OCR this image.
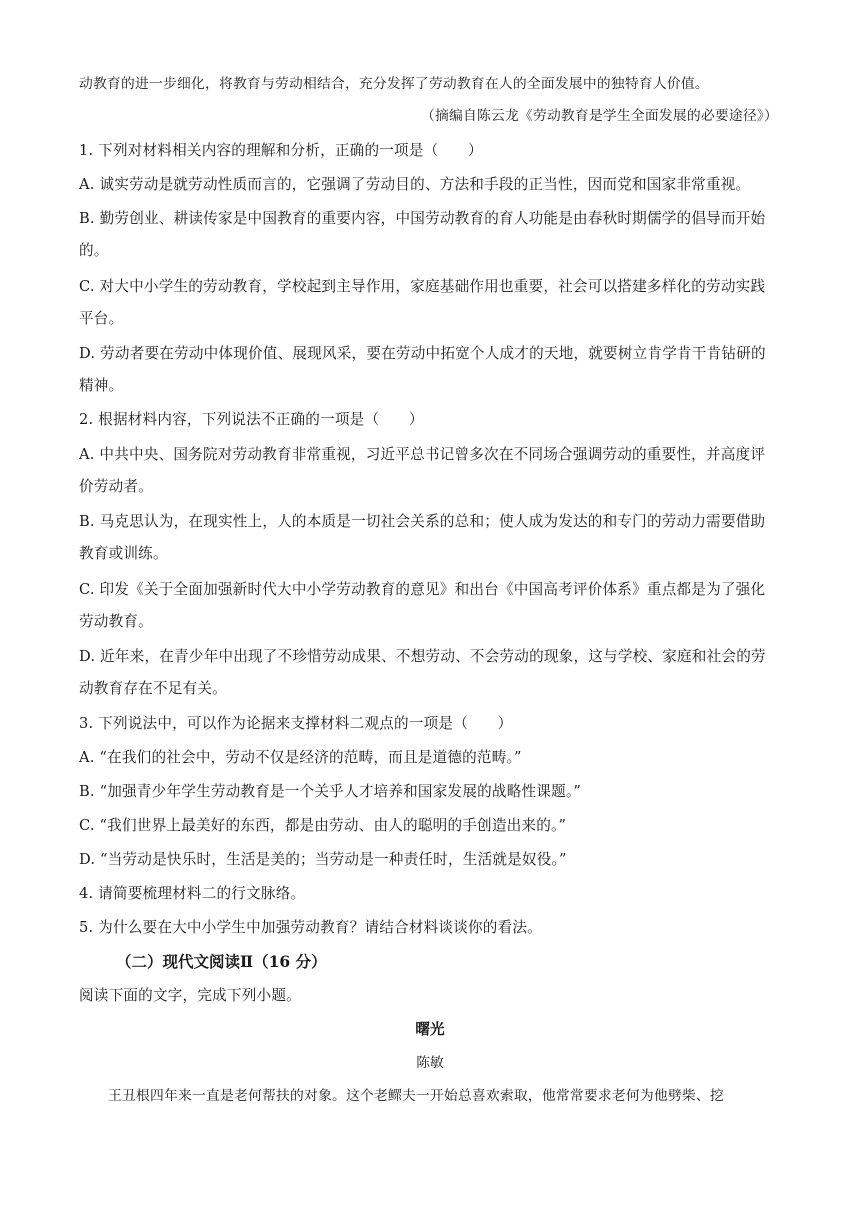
动教育的进一步细化，将教育与劳动相结合，充分发挥了劳动教育在人的全面发展中的独特育人价值。
（摘编自陈云龙《劳动教育是学生全面发展的必要途径》）
1. 下列对材料相关内容的理解和分析，正确的一项是（　　）
A. 诚实劳动是就劳动性质而言的，它强调了劳动目的、方法和手段的正当性，因而党和国家非常重视。
B. 勤劳创业、耕读传家是中国教育的重要内容，中国劳动教育的育人功能是由春秋时期儒学的倡导而开始
的。
C. 对大中小学生的劳动教育，学校起到主导作用，家庭基础作用也重要，社会可以搭建多样化的劳动实践
平台。
D. 劳动者要在劳动中体现价值、展现风采，要在劳动中拓宽个人成才的天地，就要树立肯学肯干肯钻研的
精神。
2. 根据材料内容，下列说法不正确的一项是（　　）
A. 中共中央、国务院对劳动教育非常重视，习近平总书记曾多次在不同场合强调劳动的重要性，并高度评
价劳动者。
B. 马克思认为，在现实性上，人的本质是一切社会关系的总和；使人成为发达的和专门的劳动力需要借助
教育或训练。
C. 印发《关于全面加强新时代大中小学劳动教育的意见》和出台《中国高考评价体系》重点都是为了强化
劳动教育。
D. 近年来，在青少年中出现了不珍惜劳动成果、不想劳动、不会劳动的现象，这与学校、家庭和社会的劳
动教育存在不足有关。
3. 下列说法中，可以作为论据来支撑材料二观点的一项是（　　）
A. “在我们的社会中，劳动不仅是经济的范畴，而且是道德的范畴。”
B. “加强青少年学生劳动教育是一个关乎人才培养和国家发展的战略性课题。”
C. “我们世界上最美好的东西，都是由劳动、由人的聪明的手创造出来的。”
D. “当劳动是快乐时，生活是美的；当劳动是一种责任时，生活就是奴役。”
4. 请简要梳理材料二的行文脉络。
5. 为什么要在大中小学生中加强劳动教育？请结合材料谈谈你的看法。
（二）现代文阅读Ⅱ（16 分）
阅读下面的文字，完成下列小题。
曙光
陈敏
王丑根四年来一直是老何帮扶的对象。这个老鳏夫一开始总喜欢索取，他常常要求老何为他劈柴、挖
